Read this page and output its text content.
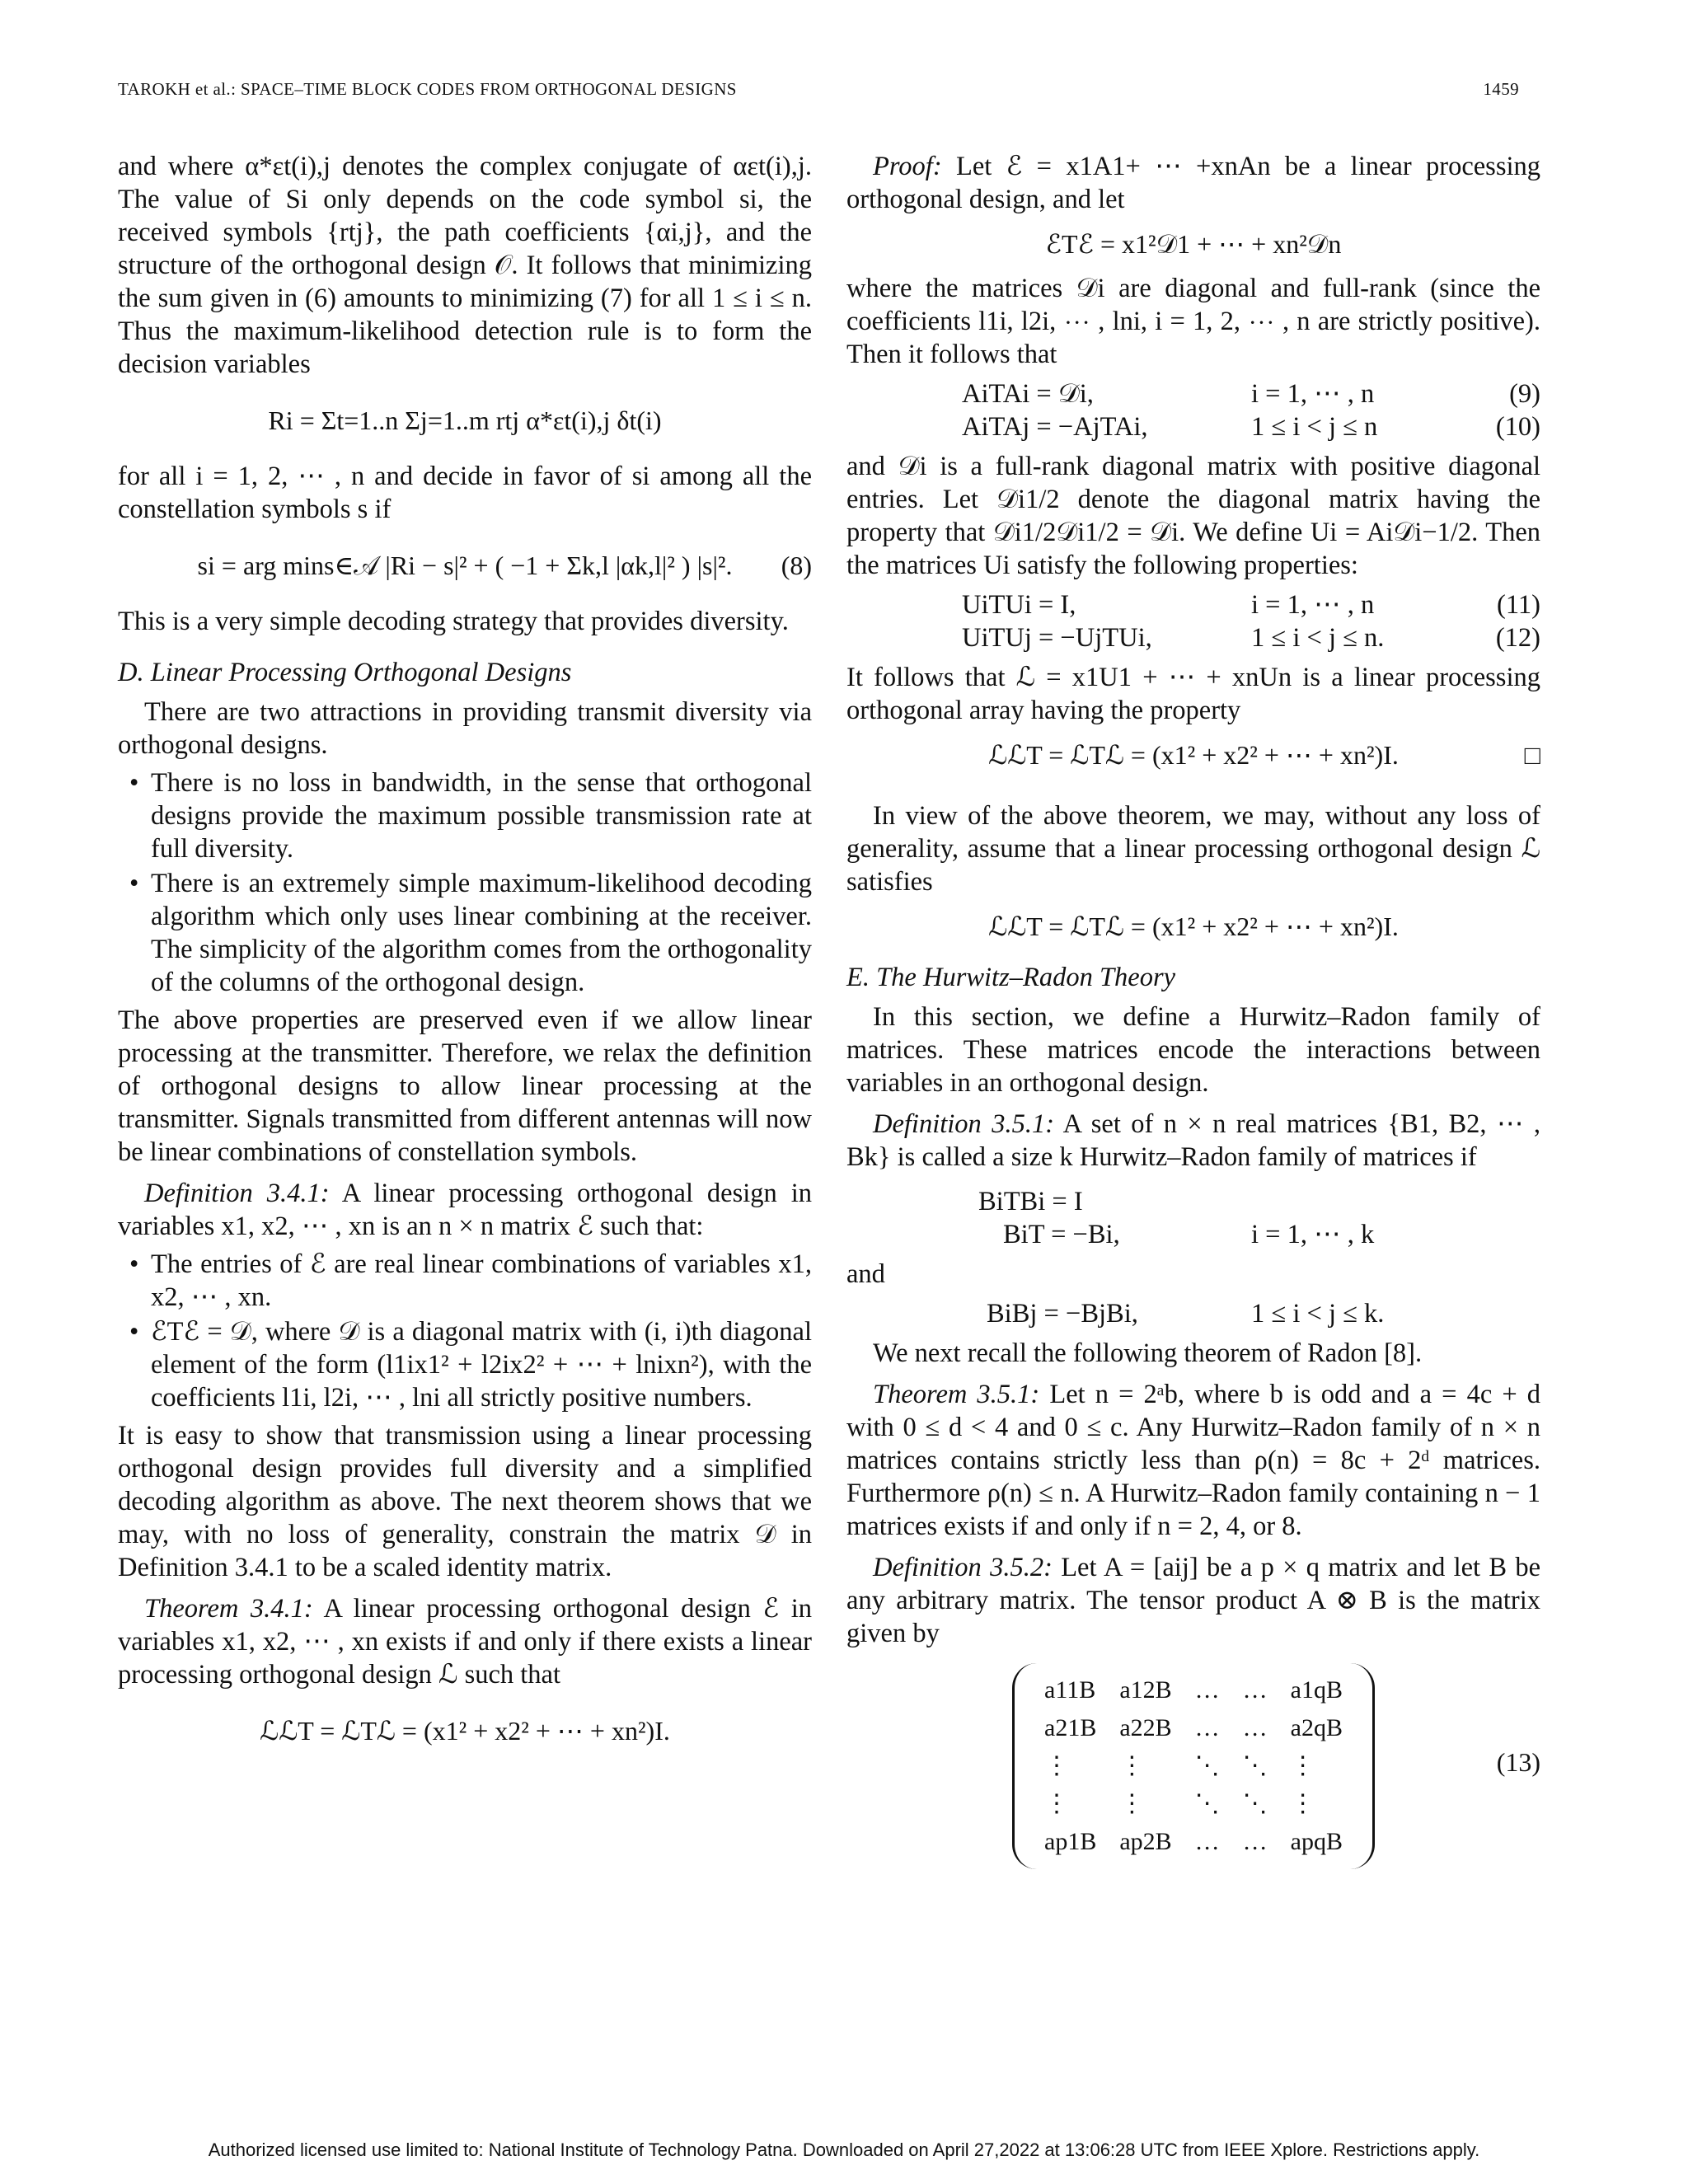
TAROKH et al.: SPACE–TIME BLOCK CODES FROM ORTHOGONAL DESIGNS	1459

and where α*εt(i),j denotes the complex conjugate of αεt(i),j. The value of Si only depends on the code symbol si, the received symbols {rtj}, the path coefficients {αi,j}, and the structure of the orthogonal design 𝒪. It follows that minimizing the sum given in (6) amounts to minimizing (7) for all 1 ≤ i ≤ n. Thus the maximum-likelihood detection rule is to form the decision variables

Ri = Σt=1..n Σj=1..m rtj α*εt(i),j δt(i)

for all i = 1, 2, ⋯ , n and decide in favor of si among all the constellation symbols s if

si = arg mins∈𝒜 |Ri − s|² + ( −1 + Σk,l |αk,l|² ) |s|². (8)

This is a very simple decoding strategy that provides diversity.

D. Linear Processing Orthogonal Designs

There are two attractions in providing transmit diversity via orthogonal designs.

• There is no loss in bandwidth, in the sense that orthogonal designs provide the maximum possible transmission rate at full diversity.
• There is an extremely simple maximum-likelihood decoding algorithm which only uses linear combining at the receiver. The simplicity of the algorithm comes from the orthogonality of the columns of the orthogonal design.

The above properties are preserved even if we allow linear processing at the transmitter. Therefore, we relax the definition of orthogonal designs to allow linear processing at the transmitter. Signals transmitted from different antennas will now be linear combinations of constellation symbols.

Definition 3.4.1: A linear processing orthogonal design in variables x1, x2, ⋯ , xn is an n × n matrix ℰ such that:

• The entries of ℰ are real linear combinations of variables x1, x2, ⋯ , xn.
• ℰTℰ = 𝒟, where 𝒟 is a diagonal matrix with (i, i)th diagonal element of the form (l1ix1² + l2ix2² + ⋯ + lnixn²), with the coefficients l1i, l2i, ⋯ , lni all strictly positive numbers.

It is easy to show that transmission using a linear processing orthogonal design provides full diversity and a simplified decoding algorithm as above. The next theorem shows that we may, with no loss of generality, constrain the matrix 𝒟 in Definition 3.4.1 to be a scaled identity matrix.

Theorem 3.4.1: A linear processing orthogonal design ℰ in variables x1, x2, ⋯ , xn exists if and only if there exists a linear processing orthogonal design ℒ such that

ℒℒT = ℒTℒ = (x1² + x2² + ⋯ + xn²)I.

Proof: Let ℰ = x1A1+ ⋯ +xnAn be a linear processing orthogonal design, and let

ℰTℰ = x1²𝒟1 + ⋯ + xn²𝒟n

where the matrices 𝒟i are diagonal and full-rank (since the coefficients l1i, l2i, ⋯ , lni, i = 1, 2, ⋯ , n are strictly positive). Then it follows that

AiTAi = 𝒟i,	i = 1, ⋯ , n	(9)
AiTAj = −AjTAi,	1 ≤ i < j ≤ n	(10)

and 𝒟i is a full-rank diagonal matrix with positive diagonal entries. Let 𝒟i1/2 denote the diagonal matrix having the property that 𝒟i1/2𝒟i1/2 = 𝒟i. We define Ui = Ai𝒟i−1/2. Then the matrices Ui satisfy the following properties:

UiTUi = I,	i = 1, ⋯ , n	(11)
UiTUj = −UjTUi,	1 ≤ i < j ≤ n.	(12)

It follows that ℒ = x1U1 + ⋯ + xnUn is a linear processing orthogonal array having the property

ℒℒT = ℒTℒ = (x1² + x2² + ⋯ + xn²)I.	□

In view of the above theorem, we may, without any loss of generality, assume that a linear processing orthogonal design ℒ satisfies

ℒℒT = ℒTℒ = (x1² + x2² + ⋯ + xn²)I.
E. The Hurwitz–Radon Theory

In this section, we define a Hurwitz–Radon family of matrices. These matrices encode the interactions between variables in an orthogonal design.

Definition 3.5.1: A set of n × n real matrices {B1, B2, ⋯ , Bk} is called a size k Hurwitz–Radon family of matrices if

BiTBi = I
BiT = −Bi,	i = 1, ⋯ , k

and

BiBj = −BjBi,	1 ≤ i < j ≤ k.

We next recall the following theorem of Radon [8].

Theorem 3.5.1: Let n = 2ᵃb, where b is odd and a = 4c + d with 0 ≤ d < 4 and 0 ≤ c. Any Hurwitz–Radon family of n × n matrices contains strictly less than ρ(n) = 8c + 2ᵈ matrices. Furthermore ρ(n) ≤ n. A Hurwitz–Radon family containing n − 1 matrices exists if and only if n = 2, 4, or 8.

Definition 3.5.2: Let A = [aij] be a p × q matrix and let B be any arbitrary matrix. The tensor product A ⊗ B is the matrix given by

a11B	a12B	…	…	a1qB
a21B	a22B	…	…	a2qB
⋮	⋮	⋱	⋱	⋮
⋮	⋮	⋱	⋱	⋮
ap1B	ap2B	…	…	apqB
(13)
Authorized licensed use limited to: National Institute of Technology Patna. Downloaded on April 27,2022 at 13:06:28 UTC from IEEE Xplore. Restrictions apply.
